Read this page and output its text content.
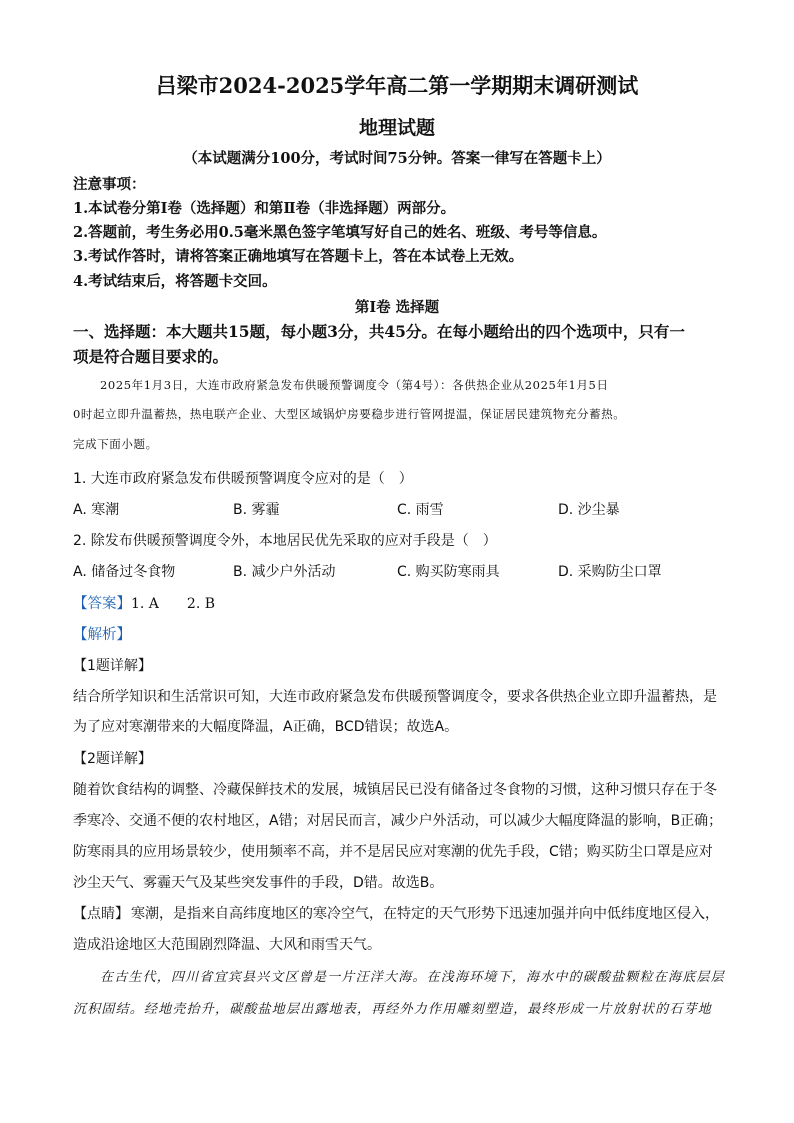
吕梁市2024-2025学年高二第一学期期末调研测试
地理试题
（本试题满分100分，考试时间75分钟。答案一律写在答题卡上）
注意事项：
1.本试卷分第Ⅰ卷（选择题）和第Ⅱ卷（非选择题）两部分。
2.答题前，考生务必用0.5毫米黑色签字笔填写好自己的姓名、班级、考号等信息。
3.考试作答时，请将答案正确地填写在答题卡上，答在本试卷上无效。
4.考试结束后，将答题卡交回。
第Ⅰ卷 选择题
一、选择题：本大题共15题，每小题3分，共45分。在每小题给出的四个选项中，只有一
项是符合题目要求的。
2025年1月3日，大连市政府紧急发布供暖预警调度令（第4号）：各供热企业从2025年1月5日
0时起立即升温蓄热，热电联产企业、大型区域锅炉房要稳步进行管网提温，保证居民建筑物充分蓄热。
完成下面小题。
1. 大连市政府紧急发布供暖预警调度令应对的是（　）
A. 寒潮	B. 雾霾	C. 雨雪	D. 沙尘暴
2. 除发布供暖预警调度令外，本地居民优先采取的应对手段是（　）
A. 储备过冬食物	B. 减少户外活动	C. 购买防寒雨具	D. 采购防尘口罩
【答案】 1. A　　2. B
【解析】
【1题详解】
结合所学知识和生活常识可知，大连市政府紧急发布供暖预警调度令，要求各供热企业立即升温蓄热，是
为了应对寒潮带来的大幅度降温，A正确，BCD错误；故选A。
【2题详解】
随着饮食结构的调整、冷藏保鲜技术的发展，城镇居民已没有储备过冬食物的习惯，这种习惯只存在于冬
季寒冷、交通不便的农村地区，A错；对居民而言，减少户外活动，可以减少大幅度降温的影响，B正确；
防寒雨具的应用场景较少，使用频率不高，并不是居民应对寒潮的优先手段，C错；购买防尘口罩是应对
沙尘天气、雾霾天气及某些突发事件的手段，D错。故选B。
【点睛】 寒潮，是指来自高纬度地区的寒冷空气，在特定的天气形势下迅速加强并向中低纬度地区侵入，
造成沿途地区大范围剧烈降温、大风和雨雪天气。
在古生代，四川省宜宾县兴文区曾是一片汪洋大海。在浅海环境下，海水中的碳酸盐颗粒在海底层层
沉积固结。经地壳抬升，碳酸盐地层出露地表，再经外力作用雕刻塑造，最终形成一片放射状的石芽地
